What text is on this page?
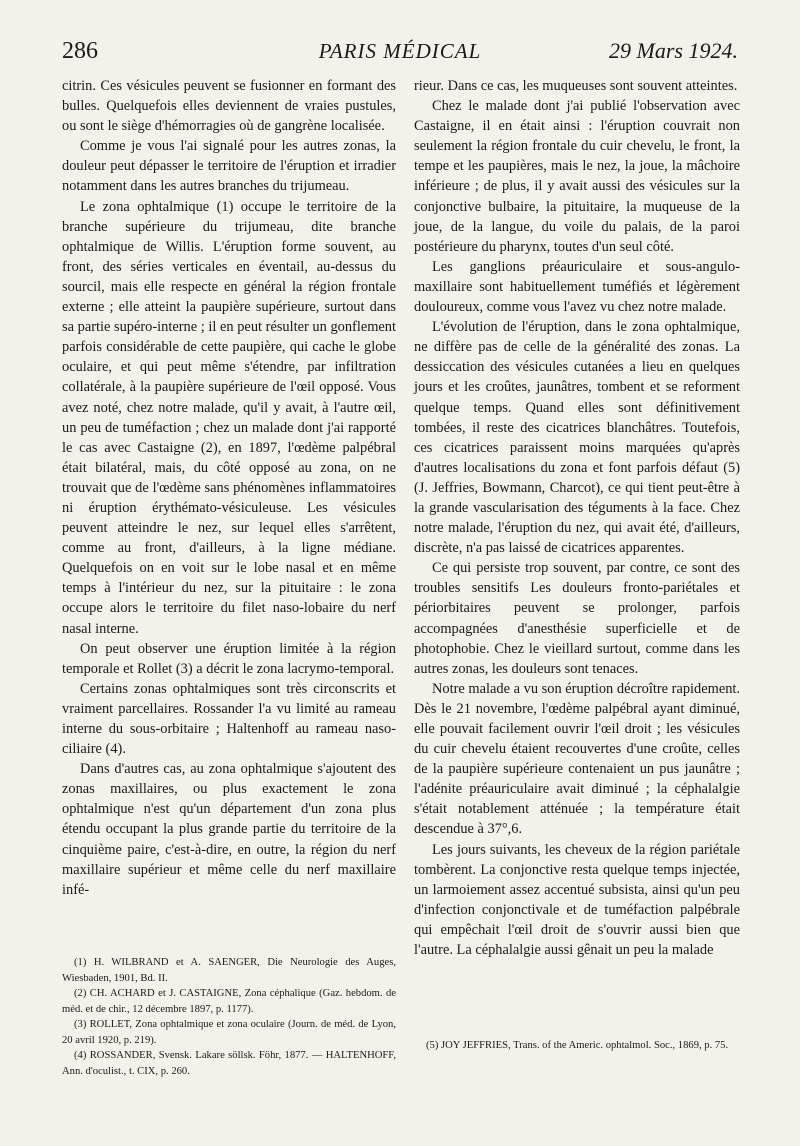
286	PARIS MÉDICAL	29 Mars 1924.

citrin. Ces vésicules peuvent se fusionner en formant des bulles. Quelquefois elles deviennent de vraies pustules, ou sont le siège d'hémorragies où de gangrène localisée.

Comme je vous l'ai signalé pour les autres zonas, la douleur peut dépasser le territoire de l'éruption et irradier notamment dans les autres branches du trijumeau.

Le zona ophtalmique (1) occupe le territoire de la branche supérieure du trijumeau, dite branche ophtalmique de Willis. L'éruption forme souvent, au front, des séries verticales en éventail, au-dessus du sourcil, mais elle respecte en général la région frontale externe ; elle atteint la paupière supérieure, surtout dans sa partie supéro-interne ; il en peut résulter un gonflement parfois considérable de cette paupière, qui cache le globe oculaire, et qui peut même s'étendre, par infiltration collatérale, à la paupière supérieure de l'œil opposé. Vous avez noté, chez notre malade, qu'il y avait, à l'autre œil, un peu de tuméfaction ; chez un malade dont j'ai rapporté le cas avec Castaigne (2), en 1897, l'œdème palpébral était bilatéral, mais, du côté opposé au zona, on ne trouvait que de l'œdème sans phénomènes inflammatoires ni éruption érythémato-vésiculeuse. Les vésicules peuvent atteindre le nez, sur lequel elles s'arrêtent, comme au front, d'ailleurs, à la ligne médiane. Quelquefois on en voit sur le lobe nasal et en même temps à l'intérieur du nez, sur la pituitaire : le zona occupe alors le territoire du filet naso-lobaire du nerf nasal interne.

On peut observer une éruption limitée à la région temporale et Rollet (3) a décrit le zona lacrymo-temporal.

Certains zonas ophtalmiques sont très circonscrits et vraiment parcellaires. Rossander l'a vu limité au rameau interne du sous-orbitaire ; Haltenhoff au rameau naso-ciliaire (4).

Dans d'autres cas, au zona ophtalmique s'ajoutent des zonas maxillaires, ou plus exactement le zona ophtalmique n'est qu'un département d'un zona plus étendu occupant la plus grande partie du territoire de la cinquième paire, c'est-à-dire, en outre, la région du nerf maxillaire supérieur et même celle du nerf maxillaire infé-

rieur. Dans ce cas, les muqueuses sont souvent atteintes.

Chez le malade dont j'ai publié l'observation avec Castaigne, il en était ainsi : l'éruption couvrait non seulement la région frontale du cuir chevelu, le front, la tempe et les paupières, mais le nez, la joue, la mâchoire inférieure ; de plus, il y avait aussi des vésicules sur la conjonctive bulbaire, la pituitaire, la muqueuse de la joue, de la langue, du voile du palais, de la paroi postérieure du pharynx, toutes d'un seul côté.

Les ganglions préauriculaire et sous-angulo-maxillaire sont habituellement tuméfiés et légèrement douloureux, comme vous l'avez vu chez notre malade.

L'évolution de l'éruption, dans le zona ophtalmique, ne diffère pas de celle de la généralité des zonas. La dessiccation des vésicules cutanées a lieu en quelques jours et les croûtes, jaunâtres, tombent et se reforment quelque temps. Quand elles sont définitivement tombées, il reste des cicatrices blanchâtres. Toutefois, ces cicatrices paraissent moins marquées qu'après d'autres localisations du zona et font parfois défaut (5) (J. Jeffries, Bowmann, Charcot), ce qui tient peut-être à la grande vascularisation des téguments à la face. Chez notre malade, l'éruption du nez, qui avait été, d'ailleurs, discrète, n'a pas laissé de cicatrices apparentes.

Ce qui persiste trop souvent, par contre, ce sont des troubles sensitifs Les douleurs fronto-pariétales et périorbitaires peuvent se prolonger, parfois accompagnées d'anesthésie superficielle et de photophobie. Chez le vieillard surtout, comme dans les autres zonas, les douleurs sont tenaces.

Notre malade a vu son éruption décroître rapidement. Dès le 21 novembre, l'œdème palpébral ayant diminué, elle pouvait facilement ouvrir l'œil droit ; les vésicules du cuir chevelu étaient recouvertes d'une croûte, celles de la paupière supérieure contenaient un pus jaunâtre ; l'adénite préauriculaire avait diminué ; la céphalalgie s'était notablement atténuée ; la température était descendue à 37°,6.

Les jours suivants, les cheveux de la région pariétale tombèrent. La conjonctive resta quelque temps injectée, un larmoiement assez accentué subsista, ainsi qu'un peu d'infection conjonctivale et de tuméfaction palpébrale qui empêchait l'œil droit de s'ouvrir aussi bien que l'autre. La céphalalgie aussi gênait un peu la malade

(1) H. WILBRAND et A. SAENGER, Die Neurologie des Auges, Wiesbaden, 1901, Bd. II.

(2) CH. ACHARD et J. CASTAIGNE, Zona céphalique (Gaz. hebdom. de méd. et de chir., 12 décembre 1897, p. 1177).

(3) ROLLET, Zona ophtalmique et zona oculaire (Journ. de méd. de Lyon, 20 avril 1920, p. 219).

(4) ROSSANDER, Svensk. Lakare söllsk. Föhr, 1877. — HALTENHOFF, Ann. d'oculist., t. CIX, p. 260.

(5) JOY JEFFRIES, Trans. of the Americ. ophtalmol. Soc., 1869, p. 75.
